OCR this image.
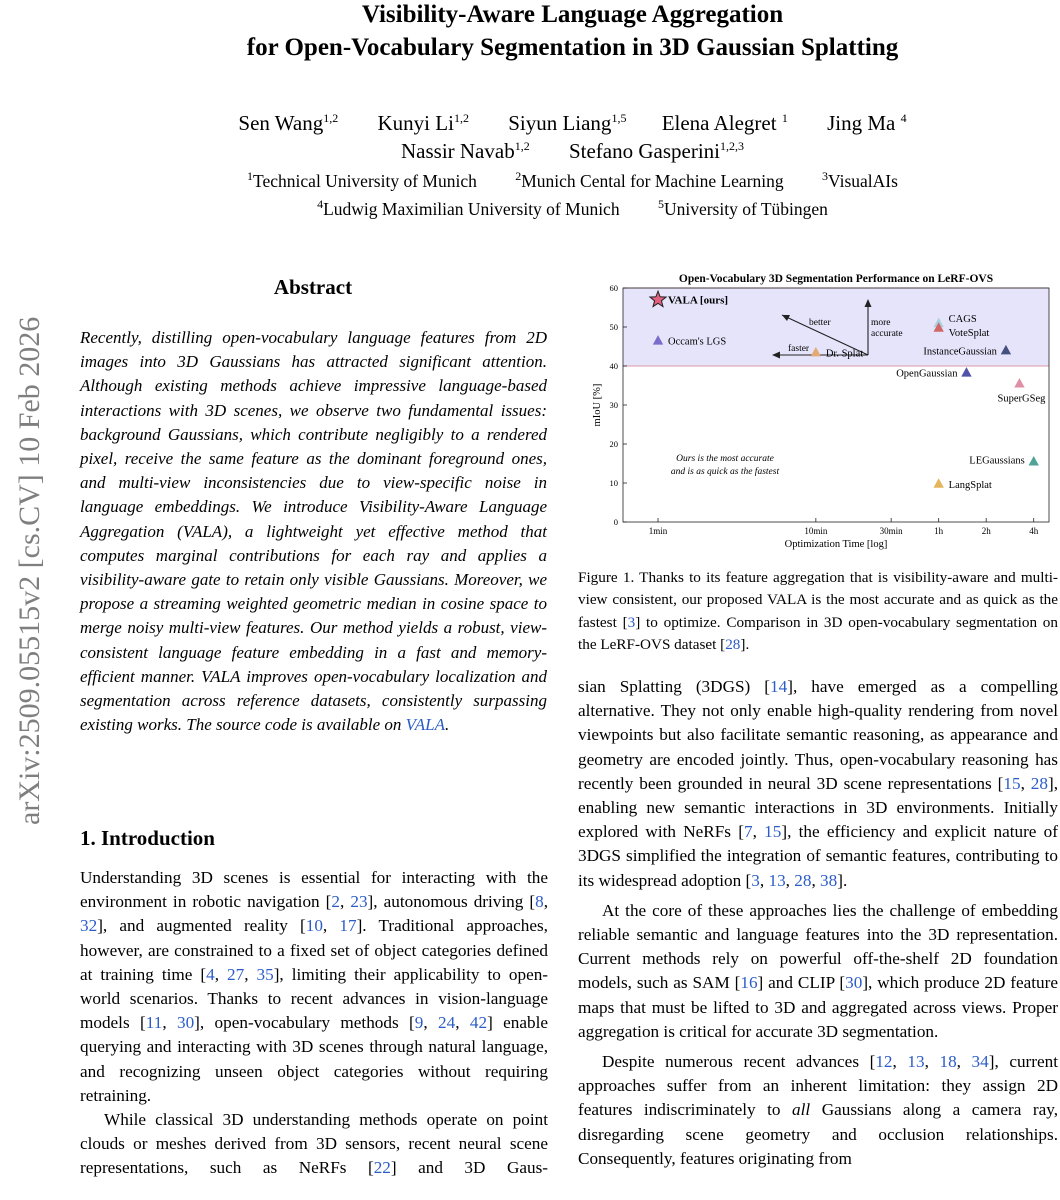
Visibility-Aware Language Aggregation
for Open-Vocabulary Segmentation in 3D Gaussian Splatting
Sen Wang$^{1,2}$ Kunyi Li$^{1,2}$ Siyun Liang$^{1,5}$ Elena Alegret $^1$ Jing Ma $^4$
Nassir Navab$^{1,2}$ Stefano Gasperini$^{1,2,3}$
$^1$Technical University of Munich	$^2$Munich Cental for Machine Learning	$^3$VisualAIs
$^4$Ludwig Maximilian University of Munich	$^5$University of Tübingen
arXiv:2509.05515v2 [cs.CV] 10 Feb 2026
Abstract
Recently, distilling open-vocabulary language features from 2D images into 3D Gaussians has attracted significant attention. Although existing methods achieve impressive language-based interactions with 3D scenes, we observe two fundamental issues: background Gaussians, which contribute negligibly to a rendered pixel, receive the same feature as the dominant foreground ones, and multi-view inconsistencies due to view-specific noise in language embeddings. We introduce Visibility-Aware Language Aggregation (VALA), a lightweight yet effective method that computes marginal contributions for each ray and applies a visibility-aware gate to retain only visible Gaussians. Moreover, we propose a streaming weighted geometric median in cosine space to merge noisy multi-view features. Our method yields a robust, view-consistent language feature embedding in a fast and memory-efficient manner. VALA improves open-vocabulary localization and segmentation across reference datasets, consistently surpassing existing works. The source code is available on VALA.
1. Introduction

Understanding 3D scenes is essential for interacting with the environment in robotic navigation [2, 23], autonomous driving [8, 32], and augmented reality [10, 17]. Traditional approaches, however, are constrained to a fixed set of object categories defined at training time [4, 27, 35], limiting their applicability to open-world scenarios. Thanks to recent advances in vision-language models [11, 30], open-vocabulary methods [9, 24, 42] enable querying and interacting with 3D scenes through natural language, and recognizing unseen object categories without requiring retraining.

While classical 3D understanding methods operate on point clouds or meshes derived from 3D sensors, recent neural scene representations, such as NeRFs [22] and 3D Gaus-

Open-Vocabulary 3D Segmentation Performance on LeRF-OVS
0
10
20
30
40
50
60
1min	10min	30min	1h	2h	4h
Optimization Time [log]
mIoU [%]
better	more
accurate
faster
Ours is the most accurate
and is as quick as the fastest
VALA [ours]
Occam's LGS
Dr. Splat
CAGS
VoteSplat
InstanceGaussian
OpenGaussian
SuperGSeg
LEGaussians
LangSplat
Figure 1. Thanks to its feature aggregation that is visibility-aware and multi-view consistent, our proposed VALA is the most accurate and as quick as the fastest [3] to optimize. Comparison in 3D open-vocabulary segmentation on the LeRF-OVS dataset [28].

sian Splatting (3DGS) [14], have emerged as a compelling alternative. They not only enable high-quality rendering from novel viewpoints but also facilitate semantic reasoning, as appearance and geometry are encoded jointly. Thus, open-vocabulary reasoning has recently been grounded in neural 3D scene representations [15, 28], enabling new semantic interactions in 3D environments. Initially explored with NeRFs [7, 15], the efficiency and explicit nature of 3DGS simplified the integration of semantic features, contributing to its widespread adoption [3, 13, 28, 38].

At the core of these approaches lies the challenge of embedding reliable semantic and language features into the 3D representation. Current methods rely on powerful off-the-shelf 2D foundation models, such as SAM [16] and CLIP [30], which produce 2D feature maps that must be lifted to 3D and aggregated across views. Proper aggregation is critical for accurate 3D segmentation.

Despite numerous recent advances [12, 13, 18, 34], current approaches suffer from an inherent limitation: they assign 2D features indiscriminately to all Gaussians along a camera ray, disregarding scene geometry and occlusion relationships. Consequently, features originating from
